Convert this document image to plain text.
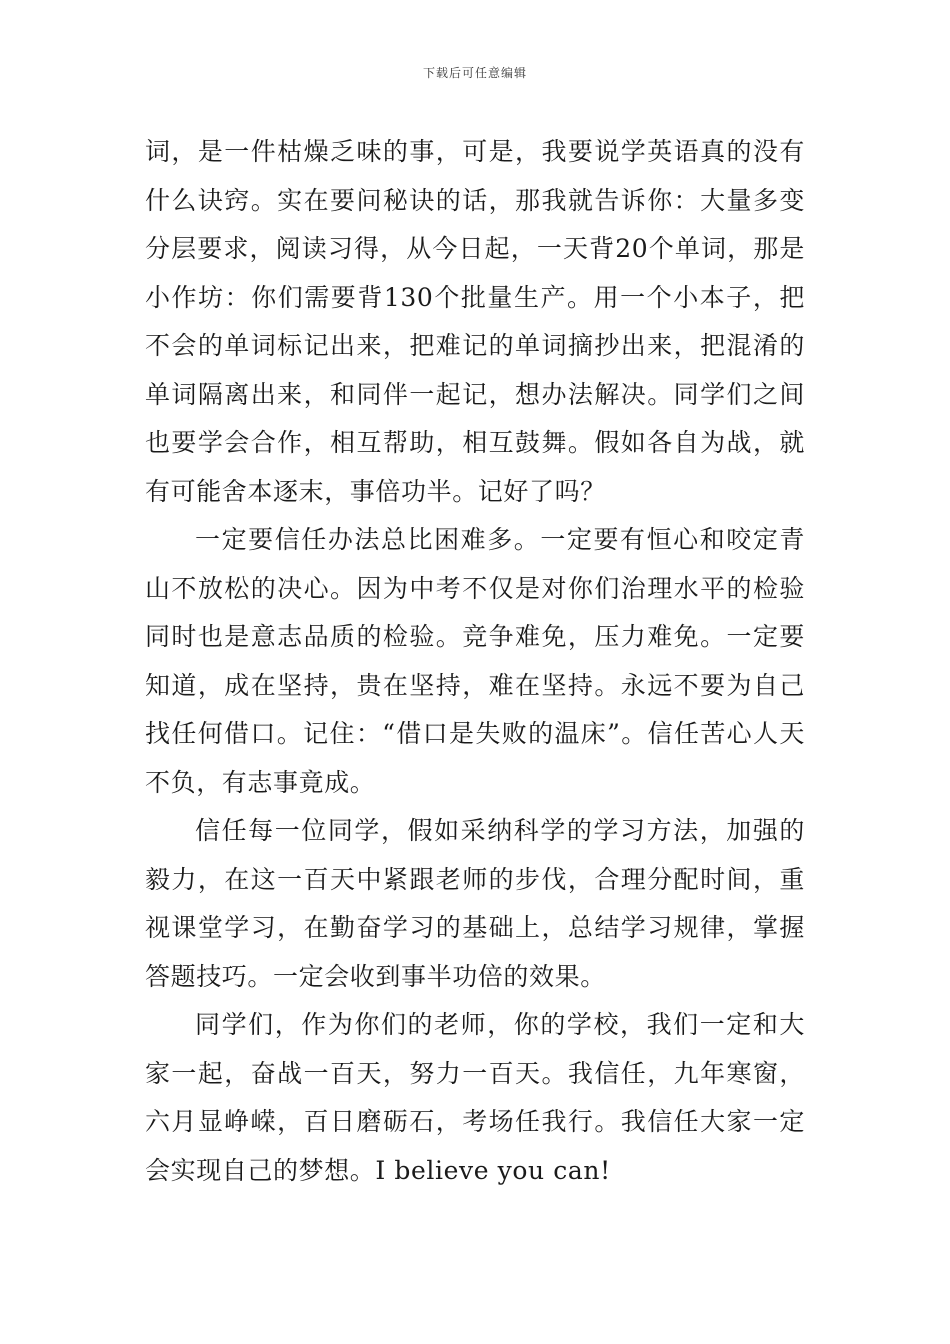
下载后可任意编辑

词，是一件枯燥乏味的事，可是，我要说学英语真的没有什么诀窍。实在要问秘诀的话，那我就告诉你：大量多变分层要求，阅读习得，从今日起，一天背20个单词，那是小作坊：你们需要背130个批量生产。用一个小本子，把不会的单词标记出来，把难记的单词摘抄出来，把混淆的单词隔离出来，和同伴一起记，想办法解决。同学们之间也要学会合作，相互帮助，相互鼓舞。假如各自为战，就有可能舍本逐末，事倍功半。记好了吗？

一定要信任办法总比困难多。一定要有恒心和咬定青山不放松的决心。因为中考不仅是对你们治理水平的检验同时也是意志品质的检验。竞争难免，压力难免。一定要知道，成在坚持，贵在坚持，难在坚持。永远不要为自己找任何借口。记住：“借口是失败的温床”。信任苦心人天不负，有志事竟成。

信任每一位同学，假如采纳科学的学习方法，加强的毅力，在这一百天中紧跟老师的步伐，合理分配时间，重视课堂学习，在勤奋学习的基础上，总结学习规律，掌握答题技巧。一定会收到事半功倍的效果。

同学们，作为你们的老师，你的学校，我们一定和大家一起，奋战一百天，努力一百天。我信任，九年寒窗，六月显峥嵘，百日磨砺石，考场任我行。我信任大家一定会实现自己的梦想。I believe you can!
